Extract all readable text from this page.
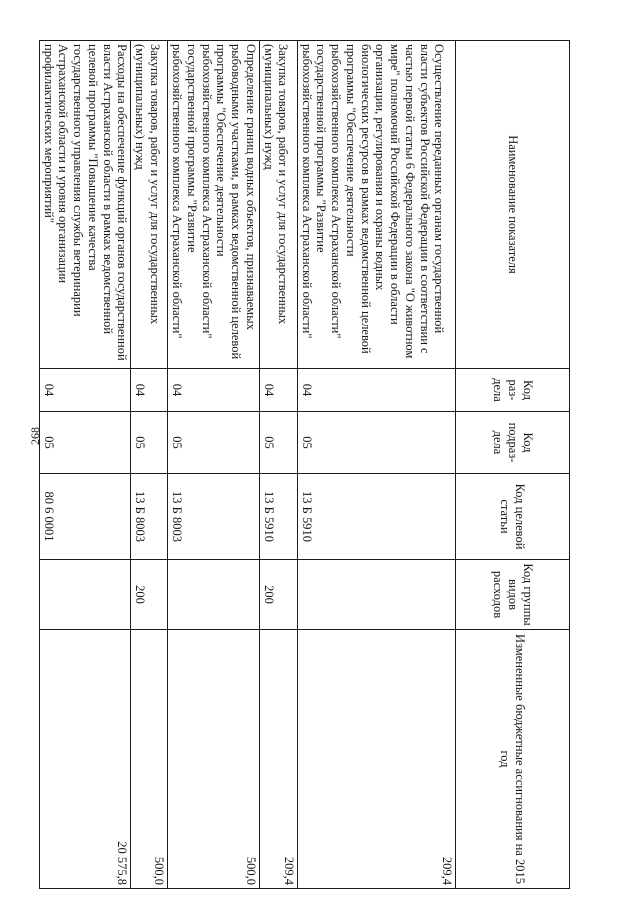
268
Наименование показателя	Код раз- дела	Код подраз- дела	Код целевой статьи	Код группы видов расходов	Измененные бюджетные ассигнования на 2015 год
Осуществление переданных органам государственной власти субъектов Российской Федерации в соответствии с частью первой статьи 6 Федерального закона "О животном мире" полномочий Российской Федерации в области организации, регулирования и охраны водных биологических ресурсов в рамках ведомственной целевой программы "Обеспечение деятельности рыбохозяйственного комплекса Астраханской области" государственной программы "Развитие рыбохозяйственного комплекса Астраханской области"	04	05	13 Б 5910		209,4
Закупка товаров, работ и услуг для государственных (муниципальных) нужд	04	05	13 Б 5910	200	209,4
Определение границ водных объектов, признаваемых рыбоводными участками, в рамках ведомственной целевой программы "Обеспечение деятельности рыбохозяйственного комплекса Астраханской области" государственной программы "Развитие рыбохозяйственного комплекса Астраханской области"	04	05	13 Б 8003		500,0
Закупка товаров, работ и услуг для государственных (муниципальных) нужд	04	05	13 Б 8003	200	500,0
Расходы на обеспечение функций органов государственной власти Астраханской области в рамках ведомственной целевой программы "Повышение качества государственного управления службы ветеринарии Астраханской области и уровня организации профилактических мероприятий"	04	05	80 6 0001		20 575,8
